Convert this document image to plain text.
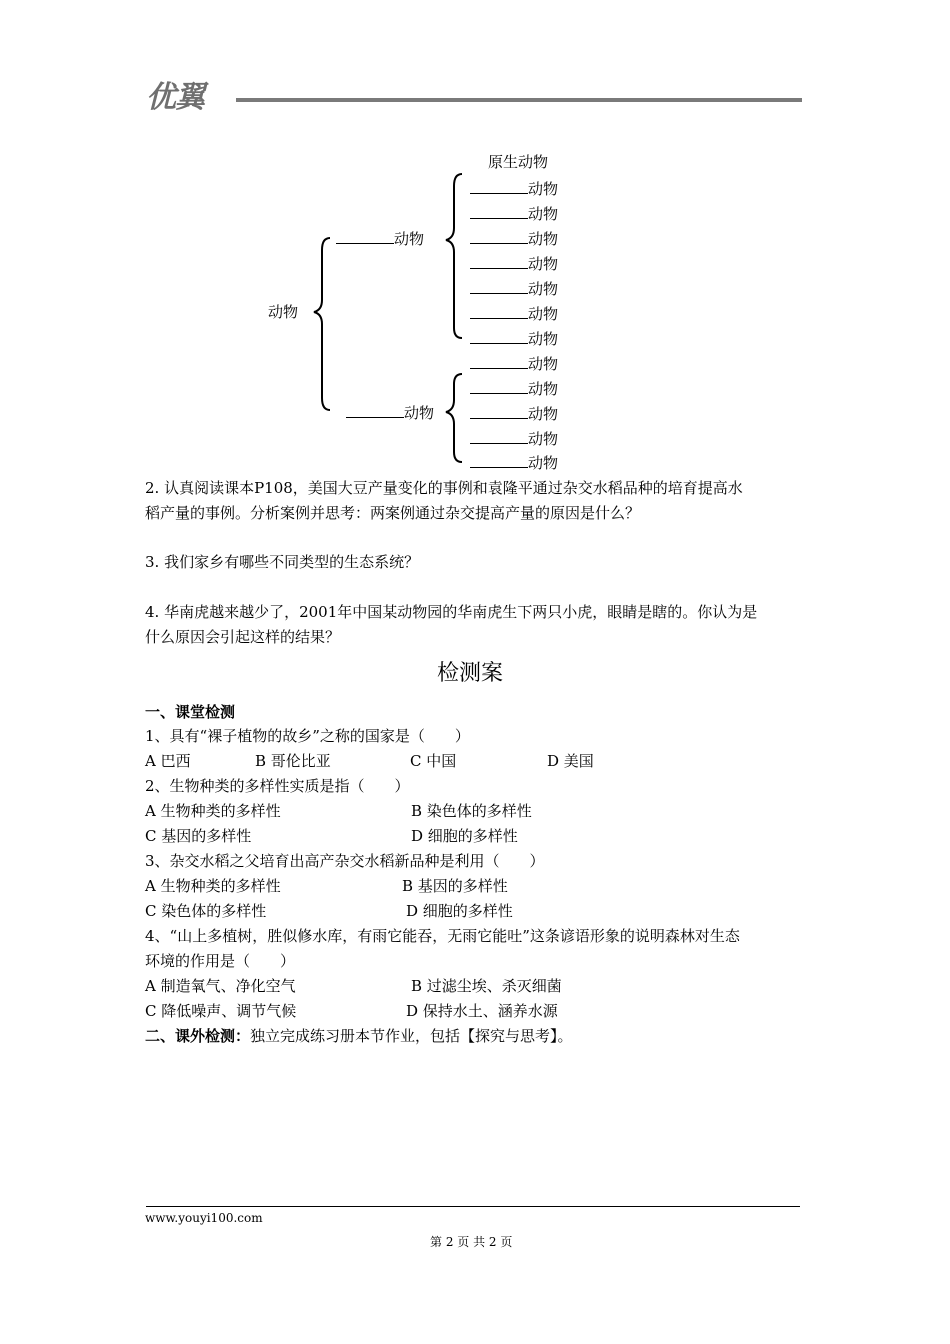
优翼
原生动物
动物
动物
动物
动物
动物
动物
动物
动物
动物
动物
动物
动物
动物
动物
动物
2. 认真阅读课本P108，美国大豆产量变化的事例和袁隆平通过杂交水稻品种的培育提高水
稻产量的事例。分析案例并思考：两案例通过杂交提高产量的原因是什么？
3. 我们家乡有哪些不同类型的生态系统？
4. 华南虎越来越少了，2001年中国某动物园的华南虎生下两只小虎，眼睛是瞎的。你认为是
什么原因会引起这样的结果？
检测案
一、课堂检测
1、具有“裸子植物的故乡”之称的国家是（　　）
A 巴西	B 哥伦比亚	C 中国	D 美国
2、生物种类的多样性实质是指（　　）
A 生物种类的多样性	B 染色体的多样性
C 基因的多样性	D 细胞的多样性
3、杂交水稻之父培育出高产杂交水稻新品种是利用（　　）
A 生物种类的多样性	B 基因的多样性
C 染色体的多样性	D 细胞的多样性
4、“山上多植树，胜似修水库，有雨它能吞，无雨它能吐”这条谚语形象的说明森林对生态
环境的作用是（　　）
A 制造氧气、净化空气	B 过滤尘埃、杀灭细菌
C 降低噪声、调节气候	D 保持水土、涵养水源
二、课外检测：独立完成练习册本节作业，包括【探究与思考】。
www.youyi100.com
第 2 页 共 2 页
